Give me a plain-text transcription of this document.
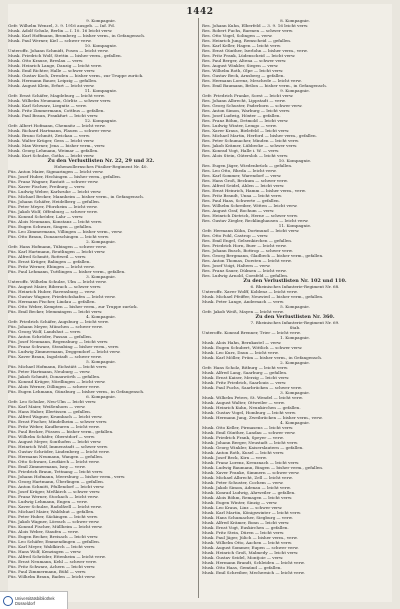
1442
9. Kompagnie.
Gefr. Wilhelm Wenzel, 3. 9. 1916 ausgeb. — Inf. Fd.
Musk. Adolf Schulz, Berlin — I. 10. 16 leicht verw.
Musk. Karl Hoffmann, Bromberg — bisher verm., in Gefangensch.
Musk. Paul Werner, Kiel — schwer verw.
10. Kompagnie.
Unteroffz. Johann Schmidt, Posen — leicht verw.
Musk. Friedrich Wolf, Stettin — bisher verm., gefallen.
Musk. Otto Krause, Breslau — verw.
Musk. Heinrich Lange, Danzig — leicht verw.
Musk. Emil Richter, Halle — schwer verw.
Musk. Gustav Koch, Dresden — bisher verm., zur Truppe zurück.
Musk. Hermann Bauer, Leipzig — gefallen.
Musk. August Klein, Erfurt — leicht verw.
11. Kompagnie.
Gefr. Ernst Schäfer, Magdeburg — leicht verw.
Musk. Wilhelm Neumann, Görlitz — schwer verw.
Musk. Karl Schwarz, Liegnitz — verw.
Musk. Fritz Zimmermann, Cottbus — gefallen.
Musk. Paul Braun, Frankfurt — leicht verw.
12. Kompagnie.
Gefr. Albert Hofmann, Chemnitz — leicht verw.
Musk. Richard Hartmann, Plauen — schwer verw.
Musk. Bruno Schmitt, Zwickau — verw.
Musk. Walter Krüger, Gera — leicht verw.
Musk. Max Werner, Jena — bisher verm., verw.
Musk. Georg Lehmann, Weimar — gefallen.
Musk. Kurt Schulze, Gotha — leicht verw.
Zu den Verlustlisten Nr. 22, 29 und 32.
Hohenzollernsches Füsilier-Regiment Nr. 40.
Füs. Anton Maier, Sigmaringen — leicht verw.
Füs. Josef Huber, Hechingen — bisher verm., gefallen.
Füs. Franz Wagner, Rastatt — schwer verw.
Füs. Xaver Fischer, Freiburg — verw.
Füs. Ludwig Weber, Karlsruhe — leicht verw.
Füs. Michael Becker, Mannheim — bisher verm., in Gefangensch.
Füs. Johann Schäfer, Heidelberg — gefallen.
Füs. Peter Meyer, Pforzheim — leicht verw.
Füs. Jakob Wolf, Offenburg — schwer verw.
Füs. Konrad Schröder, Lahr — verw.
Füs. Alois Neumann, Konstanz — leicht verw.
Füs. Eugen Schwarz, Singen — gefallen.
Füs. Leo Zimmermann, Villingen — bisher verm., verw.
Füs. Otto Braun, Donaueschingen — leicht verw.
2. Kompagnie.
Gefr. Hans Hofmann, Tübingen — schwer verw.
Füs. Karl Hartmann, Reutlingen — leicht verw.
Füs. Alfred Schmitt, Rottweil — verw.
Füs. Ernst Krüger, Balingen — gefallen.
Füs. Fritz Werner, Ebingen — leicht verw.
Füs. Paul Lehmann, Tuttlingen — bisher verm., gefallen.
3. Kompagnie.
Unteroffz. Wilhelm Schulze, Ulm — leicht verw.
Füs. August Maier, Biberach — schwer verw.
Füs. Heinrich Huber, Ravensburg — verw.
Füs. Gustav Wagner, Friedrichshafen — leicht verw.
Füs. Hermann Fischer, Lindau — gefallen.
Füs. Otto Weber, Kempten — bisher verm., zur Truppe zurück.
Füs. Emil Becker, Memmingen — leicht verw.
4. Kompagnie.
Gefr. Friedrich Schäfer, Augsburg — leicht verw.
Füs. Johann Meyer, München — schwer verw.
Füs. Georg Wolf, Landshut — verw.
Füs. Anton Schröder, Passau — gefallen.
Füs. Josef Neumann, Regensburg — leicht verw.
Füs. Franz Schwarz, Straubing — bisher verm., verw.
Füs. Ludwig Zimmermann, Deggendorf — leicht verw.
Füs. Xaver Braun, Ingolstadt — schwer verw.
5. Kompagnie.
Füs. Michael Hofmann, Eichstätt — leicht verw.
Füs. Peter Hartmann, Neuburg — verw.
Füs. Jakob Schmitt, Donauwörth — gefallen.
Füs. Konrad Krüger, Nördlingen — leicht verw.
Füs. Alois Werner, Dillingen — schwer verw.
Füs. Eugen Lehmann, Günzburg — bisher verm., in Gefangensch.
6. Kompagnie.
Gefr. Leo Schulze, Neu-Ulm — leicht verw.
Füs. Karl Maier, Weißenhorn — verw.
Füs. Hans Huber, Illertissen — gefallen.
Füs. Alfred Wagner, Krumbach — leicht verw.
Füs. Ernst Fischer, Mindelheim — schwer verw.
Füs. Fritz Weber, Kaufbeuren — leicht verw.
Füs. Paul Becker, Füssen — bisher verm., gefallen.
Füs. Wilhelm Schäfer, Oberstdorf — verw.
Füs. August Meyer, Sonthofen — leicht verw.
Füs. Heinrich Wolf, Immenstadt — schwer verw.
Füs. Gustav Schröder, Lindenberg — leicht verw.
Füs. Hermann Neumann, Wangen — gefallen.
Füs. Otto Schwarz, Leutkirch — leicht verw.
Füs. Emil Zimmermann, Isny — verw.
Füs. Friedrich Braun, Tettnang — leicht verw.
Füs. Johann Hofmann, Meersburg — bisher verm., verw.
Füs. Georg Hartmann, Überlingen — gefallen.
Füs. Anton Schmitt, Pfullendorf — leicht verw.
Füs. Josef Krüger, Meßkirch — schwer verw.
Füs. Franz Werner, Stockach — leicht verw.
Füs. Ludwig Lehmann, Engen — verw.
Füs. Xaver Schulze, Radolfzell — leicht verw.
Füs. Michael Maier, Waldshut — gefallen.
Füs. Peter Huber, Säckingen — leicht verw.
Füs. Jakob Wagner, Lörrach — schwer verw.
Füs. Konrad Fischer, Müllheim — leicht verw.
Füs. Alois Weber, Staufen — verw.
Füs. Eugen Becker, Breisach — leicht verw.
Füs. Leo Schäfer, Emmendingen — gefallen.
Füs. Karl Meyer, Waldkirch — leicht verw.
Füs. Hans Wolf, Kenzingen — verw.
Füs. Alfred Schröder, Ettenheim — leicht verw.
Füs. Ernst Neumann, Kehl — schwer verw.
Füs. Fritz Schwarz, Achern — leicht verw.
Füs. Paul Zimmermann, Bühl — verw.
Füs. Wilhelm Braun, Baden — leicht verw.
8. Kompagnie.
Res. Johann Kuhn, Elberfeld — 3. 9. 16 leicht verw.
Res. Robert Fuchs, Barmen — schwer verw.
Res. Otto Vogel, Solingen — verw.
Res. Heinrich Jung, Remscheid — gefallen.
Res. Karl Keller, Hagen — leicht verw.
Res. Ernst Günther, Iserlohn — bisher verm., verw.
Res. Fritz Frank, Lüdenscheid — leicht verw.
Res. Paul Berger, Altena — schwer verw.
Res. August Winkler, Siegen — verw.
Res. Wilhelm Roth, Olpe — leicht verw.
Res. Gustav Beck, Arnsberg — gefallen.
Res. Hermann Lorenz, Meschede — leicht verw.
Res. Emil Baumann, Brilon — bisher verm., in Gefangensch.
9. Kompagnie.
Gefr. Friedrich Franke, Soest — leicht verw.
Res. Johann Albrecht, Lippstadt — verw.
Res. Georg Schuster, Paderborn — schwer verw.
Res. Anton Simon, Warburg — leicht verw.
Res. Josef Ludwig, Höxter — gefallen.
Res. Franz Böhm, Detmold — leicht verw.
Res. Ludwig Winter, Lemgo — verw.
Res. Xaver Kraus, Bielefeld — leicht verw.
Res. Michael Martin, Herford — bisher verm., gefallen.
Res. Peter Schumacher, Minden — leicht verw.
Res. Jakob Krämer, Lübbecke — schwer verw.
Res. Konrad Vogt, Halle i. W. — verw.
Res. Alois Stein, Gütersloh — leicht verw.
10. Kompagnie.
Res. Eugen Jäger, Wiedenbrück — gefallen.
Res. Leo Otto, Rheda — leicht verw.
Res. Karl Sommer, Warendorf — verw.
Res. Hans Groß, Beckum — schwer verw.
Res. Alfred Seidel, Ahlen — leicht verw.
Res. Ernst Heinrich, Hamm — bisher verm., verw.
Res. Fritz Brandt, Unna — leicht verw.
Res. Paul Haas, Schwerte — gefallen.
Res. Wilhelm Schreiber, Witten — leicht verw.
Res. August Graf, Bochum — verw.
Res. Heinrich Dietrich, Herne — schwer verw.
Res. Gustav Ziegler, Recklinghausen — leicht verw.
11. Kompagnie.
Gefr. Hermann Kühn, Dortmund — leicht verw.
Res. Otto Pohl, Castrop — verw.
Res. Emil Engel, Gelsenkirchen — gefallen.
Res. Friedrich Horn, Buer — leicht verw.
Res. Johann Busch, Bottrop — schwer verw.
Res. Georg Bergmann, Gladbeck — bisher verm., gefallen.
Res. Anton Thomas, Dorsten — leicht verw.
Res. Josef Voigt, Haltern — verw.
Res. Franz Sauer, Dülmen — leicht verw.
Res. Ludwig Arnold, Coesfeld — gefallen.
Zu den Verlustlisten Nr. 102 und 110.
6. Rheinisches Infanterie-Regiment Nr. 68.
Unteroffz. Xaver Wolff, Koblenz — leicht verw.
Musk. Michael Pfeiffer, Neuwied — bisher verm., gefallen.
Musk. Peter Lange, Andernach — verw.
5. Kompagnie.
Gefr. Jakob Weiß, Mayen — leicht verw.
Zu den Verlustlisten Nr. 360.
7. Rheinisches Infanterie-Regiment Nr. 69.
Stab.
Unteroffz. Konrad Brenner, Trier — leicht verw.
1. Kompagnie.
Musk. Alois Hahn, Bernkastel — verw.
Musk. Eugen Schubert, Wittlich — schwer verw.
Musk. Leo Kurz, Daun — leicht verw.
Musk. Karl Möller, Prüm — bisher verm., in Gefangensch.
2. Kompagnie.
Gefr. Hans Scholz, Bitburg — leicht verw.
Musk. Alfred Lang, Saarburg — gefallen.
Musk. Ernst Kaiser, Merzig — leicht verw.
Musk. Fritz Friedrich, Saarlouis — verw.
Musk. Paul Fuchs, Saarbrücken — schwer verw.
3. Kompagnie.
Musk. Wilhelm Peters, St. Wendel — leicht verw.
Musk. August Walter, Ottweiler — verw.
Musk. Heinrich Kuhn, Neunkirchen — gefallen.
Musk. Gustav Vogel, Homburg — leicht verw.
Musk. Hermann Jung, Zweibrücken — bisher verm., verw.
4. Kompagnie.
Musk. Otto Keller, Pirmasens — leicht verw.
Musk. Emil Günther, Landau — schwer verw.
Musk. Friedrich Frank, Speyer — verw.
Musk. Johann Berger, Neustadt — leicht verw.
Musk. Georg Winkler, Kaiserslautern — gefallen.
Musk. Anton Roth, Kusel — leicht verw.
Musk. Josef Beck, Kirn — verw.
Musk. Franz Lorenz, Kreuznach — leicht verw.
Musk. Ludwig Baumann, Bingen — bisher verm., gefallen.
Musk. Xaver Franke, Simmern — schwer verw.
Musk. Michael Albrecht, Zell — leicht verw.
Musk. Peter Schuster, Cochem — verw.
Musk. Jakob Simon, Adenau — leicht verw.
Musk. Konrad Ludwig, Ahrweiler — gefallen.
Musk. Alois Böhm, Remagen — leicht verw.
Musk. Eugen Winter, Sinzig — verw.
Musk. Leo Kraus, Linz — schwer verw.
Musk. Karl Martin, Königswinter — leicht verw.
Musk. Hans Schumacher, Siegburg — verw.
Musk. Alfred Krämer, Bonn — leicht verw.
Musk. Ernst Vogt, Euskirchen — gefallen.
Musk. Fritz Stein, Düren — leicht verw.
Musk. Paul Jäger, Jülich — bisher verm., verw.
Musk. Wilhelm Otto, Aachen — leicht verw.
Musk. August Sommer, Eupen — schwer verw.
Musk. Heinrich Groß, Malmedy — leicht verw.
Musk. Gustav Seidel, Montjoie — verw.
Musk. Hermann Brandt, Schleiden — leicht verw.
Musk. Otto Haas, Gemünd — gefallen.
Musk. Emil Schreiber, Mechernich — leicht verw.
Universitätsbibliothek
Düsseldorf
